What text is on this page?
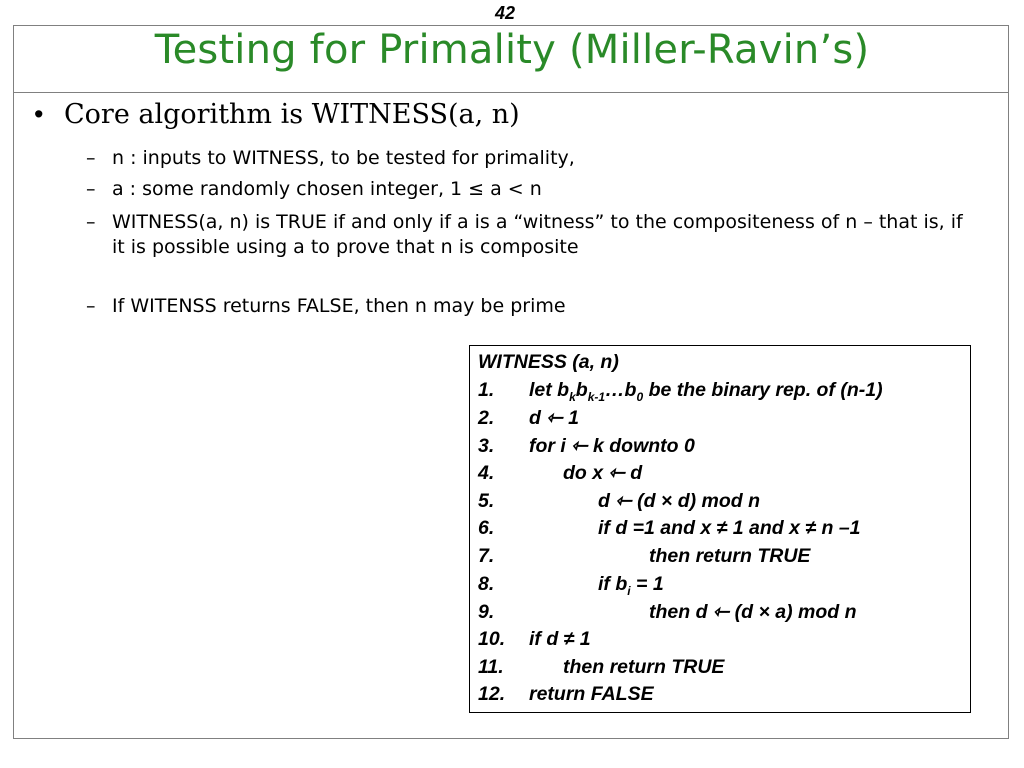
42
Testing for Primality (Miller-Ravin’s)
• Core algorithm is WITNESS(a, n)
– n : inputs to WITNESS, to be tested for primality,
– a : some randomly chosen integer, 1 ≤ a < n
– WITNESS(a, n) is TRUE if and only if a is a “witness” to the compositeness of n – that is, if it is possible using a to prove that n is composite
– If WITENSS returns FALSE, then n may be prime
WITNESS (a, n)
1. let $b_kb_{k-1}\dots b_0$ be the binary rep. of (n-1)
2. d ⇽ 1
3. for i ⇽ k downto 0
4.	do x ⇽ d
5.	d ⇽ (d × d) mod n
6.	if d =1 and x ≠ 1 and x ≠ n –1
7.	then return TRUE
8.	if $b_i = 1$
9.	then d ⇽ (d × a) mod n
10. if d ≠ 1
11.	then return TRUE
12. return FALSE
